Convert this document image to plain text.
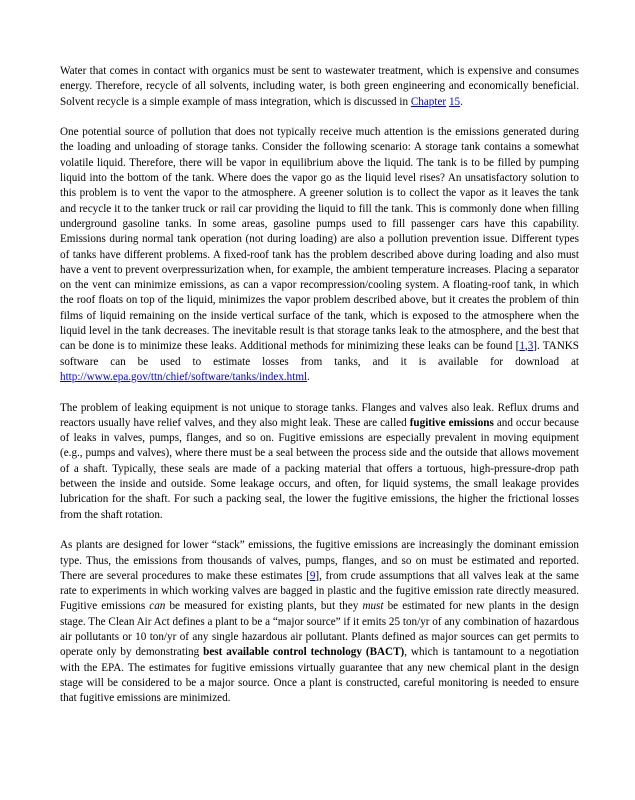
Water that comes in contact with organics must be sent to wastewater treatment, which is expensive and consumes energy. Therefore, recycle of all solvents, including water, is both green engineering and economically beneficial. Solvent recycle is a simple example of mass integration, which is discussed in Chapter 15.

One potential source of pollution that does not typically receive much attention is the emissions generated during the loading and unloading of storage tanks. Consider the following scenario: A storage tank contains a somewhat volatile liquid. Therefore, there will be vapor in equilibrium above the liquid. The tank is to be filled by pumping liquid into the bottom of the tank. Where does the vapor go as the liquid level rises? An unsatisfactory solution to this problem is to vent the vapor to the atmosphere. A greener solution is to collect the vapor as it leaves the tank and recycle it to the tanker truck or rail car providing the liquid to fill the tank. This is commonly done when filling underground gasoline tanks. In some areas, gasoline pumps used to fill passenger cars have this capability. Emissions during normal tank operation (not during loading) are also a pollution prevention issue. Different types of tanks have different problems. A fixed-roof tank has the problem described above during loading and also must have a vent to prevent overpressurization when, for example, the ambient temperature increases. Placing a separator on the vent can minimize emissions, as can a vapor recompression/cooling system. A floating-roof tank, in which the roof floats on top of the liquid, minimizes the vapor problem described above, but it creates the problem of thin films of liquid remaining on the inside vertical surface of the tank, which is exposed to the atmosphere when the liquid level in the tank decreases. The inevitable result is that storage tanks leak to the atmosphere, and the best that can be done is to minimize these leaks. Additional methods for minimizing these leaks can be found [1,3]. TANKS software can be used to estimate losses from tanks, and it is available for download at http://www.epa.gov/ttn/chief/software/tanks/index.html.

The problem of leaking equipment is not unique to storage tanks. Flanges and valves also leak. Reflux drums and reactors usually have relief valves, and they also might leak. These are called fugitive emissions and occur because of leaks in valves, pumps, flanges, and so on. Fugitive emissions are especially prevalent in moving equipment (e.g., pumps and valves), where there must be a seal between the process side and the outside that allows movement of a shaft. Typically, these seals are made of a packing material that offers a tortuous, high-pressure-drop path between the inside and outside. Some leakage occurs, and often, for liquid systems, the small leakage provides lubrication for the shaft. For such a packing seal, the lower the fugitive emissions, the higher the frictional losses from the shaft rotation.

As plants are designed for lower “stack” emissions, the fugitive emissions are increasingly the dominant emission type. Thus, the emissions from thousands of valves, pumps, flanges, and so on must be estimated and reported. There are several procedures to make these estimates [9], from crude assumptions that all valves leak at the same rate to experiments in which working valves are bagged in plastic and the fugitive emission rate directly measured. Fugitive emissions can be measured for existing plants, but they must be estimated for new plants in the design stage. The Clean Air Act defines a plant to be a “major source” if it emits 25 ton/yr of any combination of hazardous air pollutants or 10 ton/yr of any single hazardous air pollutant. Plants defined as major sources can get permits to operate only by demonstrating best available control technology (BACT), which is tantamount to a negotiation with the EPA. The estimates for fugitive emissions virtually guarantee that any new chemical plant in the design stage will be considered to be a major source. Once a plant is constructed, careful monitoring is needed to ensure that fugitive emissions are minimized.
